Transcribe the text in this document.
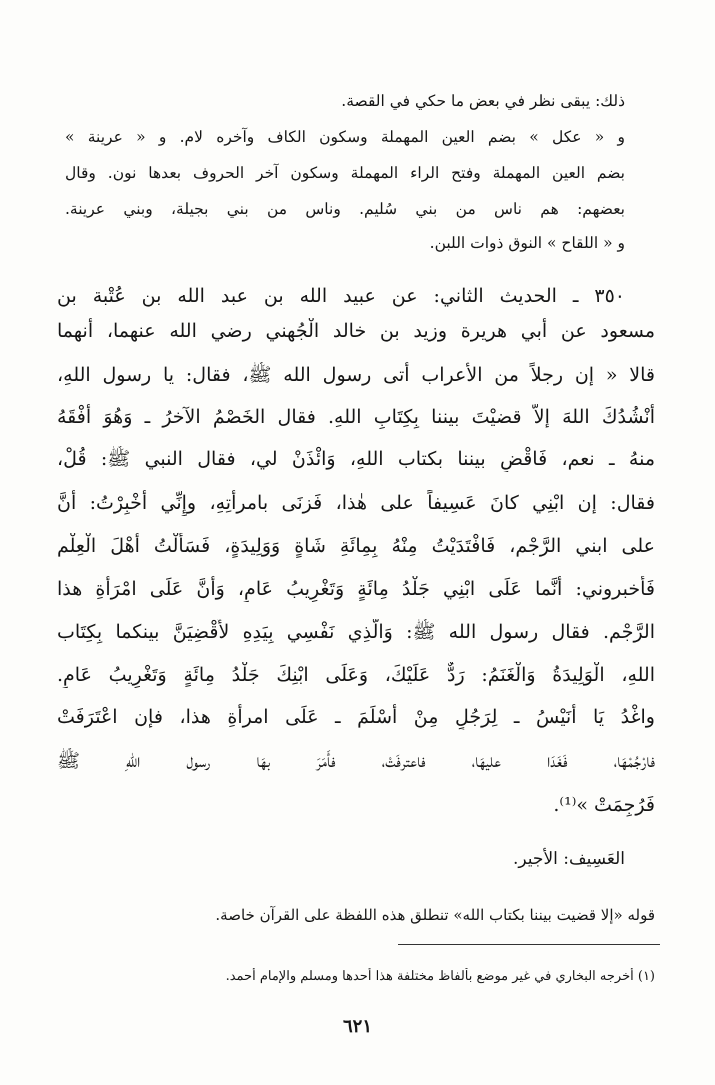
ذلك: يبقى نظر في بعض ما حكي في القصة.
و « عكل » بضم العين المهملة وسكون الكاف وآخره لام. و « عرينة »
بضم العين المهملة وفتح الراء المهملة وسكون آخر الحروف بعدها نون. وقال
بعضهم: هم ناس من بني سُليم. وناس من بني بجيلة، وبني عرينة.
و « اللقاح » النوق ذوات اللبن.
٣٥٠ ـ الحديث الثاني: عن عبيد الله بن عبد الله بن عُتْبة بن
مسعود عن أبي هريرة وزيد بن خالد الْجُهني رضي الله عنهما، أنهما
قالا « إن رجلاً من الأعراب أتى رسول الله ﷺ، فقال: يا رسول اللهِ،
أَنْشُدُكَ اللهَ إلاَّ قضيْتَ بيننا بِكِتَابِ اللهِ. فقال الخَصْمُ الآخرُ ـ وَهُوَ أَفْقَهُ
منهُ ـ نعم، فَاقْضِ بيننا بكتاب اللهِ، وَائْذَنْ لي، فقال النبي ﷺ: قُلْ،
فقال: إن ابْنِي كانَ عَسِيفاً على هٰذا، فَزنَى بامرأتِهِ، وإِنِّي أُخْبِرْتُ: أَنَّ
على ابني الرَّجْم، فَافْتَدَيْتُ مِنْهُ بِمِائَةِ شَاةٍ وَوَلِيدَةٍ، فَسَأَلْتُ أَهْلَ الْعِلْم
فَأَخبروني: أَنَّما عَلَى ابْنِي جَلْدُ مِائَةٍ وَتَغْرِيبُ عَامٍ، وَأَنَّ عَلَى امْرَأَةِ هذا
الرَّجْم. فقال رسول الله ﷺ: وَالَّذِي نَفْسِي بِيَدِهِ لأَقْضِيَنَّ بينكما بِكِتَاب
اللهِ، الْوَلِيدَةُ وَالْغَنَمُ: رَدٌّ عَلَيْكَ، وَعَلَى ابْنِكَ جَلْدُ مِائَةٍ وَتَغْرِيبُ عَامٍ.
واغْدُ يَا أُنَيْسُ ـ لِرَجُلٍ مِنْ أَسْلَمَ ـ عَلَى امرأةِ هذا، فإن اعْتَرَفَتْ
فارْجُمْهَا، فَغَدَا عليهَا، فاعترفَتْ، فأَمَرَ بهَا رسول اللهِ ﷺ
فَرُجِمَتْ »⁽¹⁾.
العَسِيف: الأجير.
قوله «إلا قضيت بيننا بكتاب الله» تنطلق هذه اللفظة على القرآن خاصة.
(١) أخرجه البخاري في غير موضع بألفاظ مختلفة هذا أحدها ومسلم والإمام أحمد.
٦٢١
